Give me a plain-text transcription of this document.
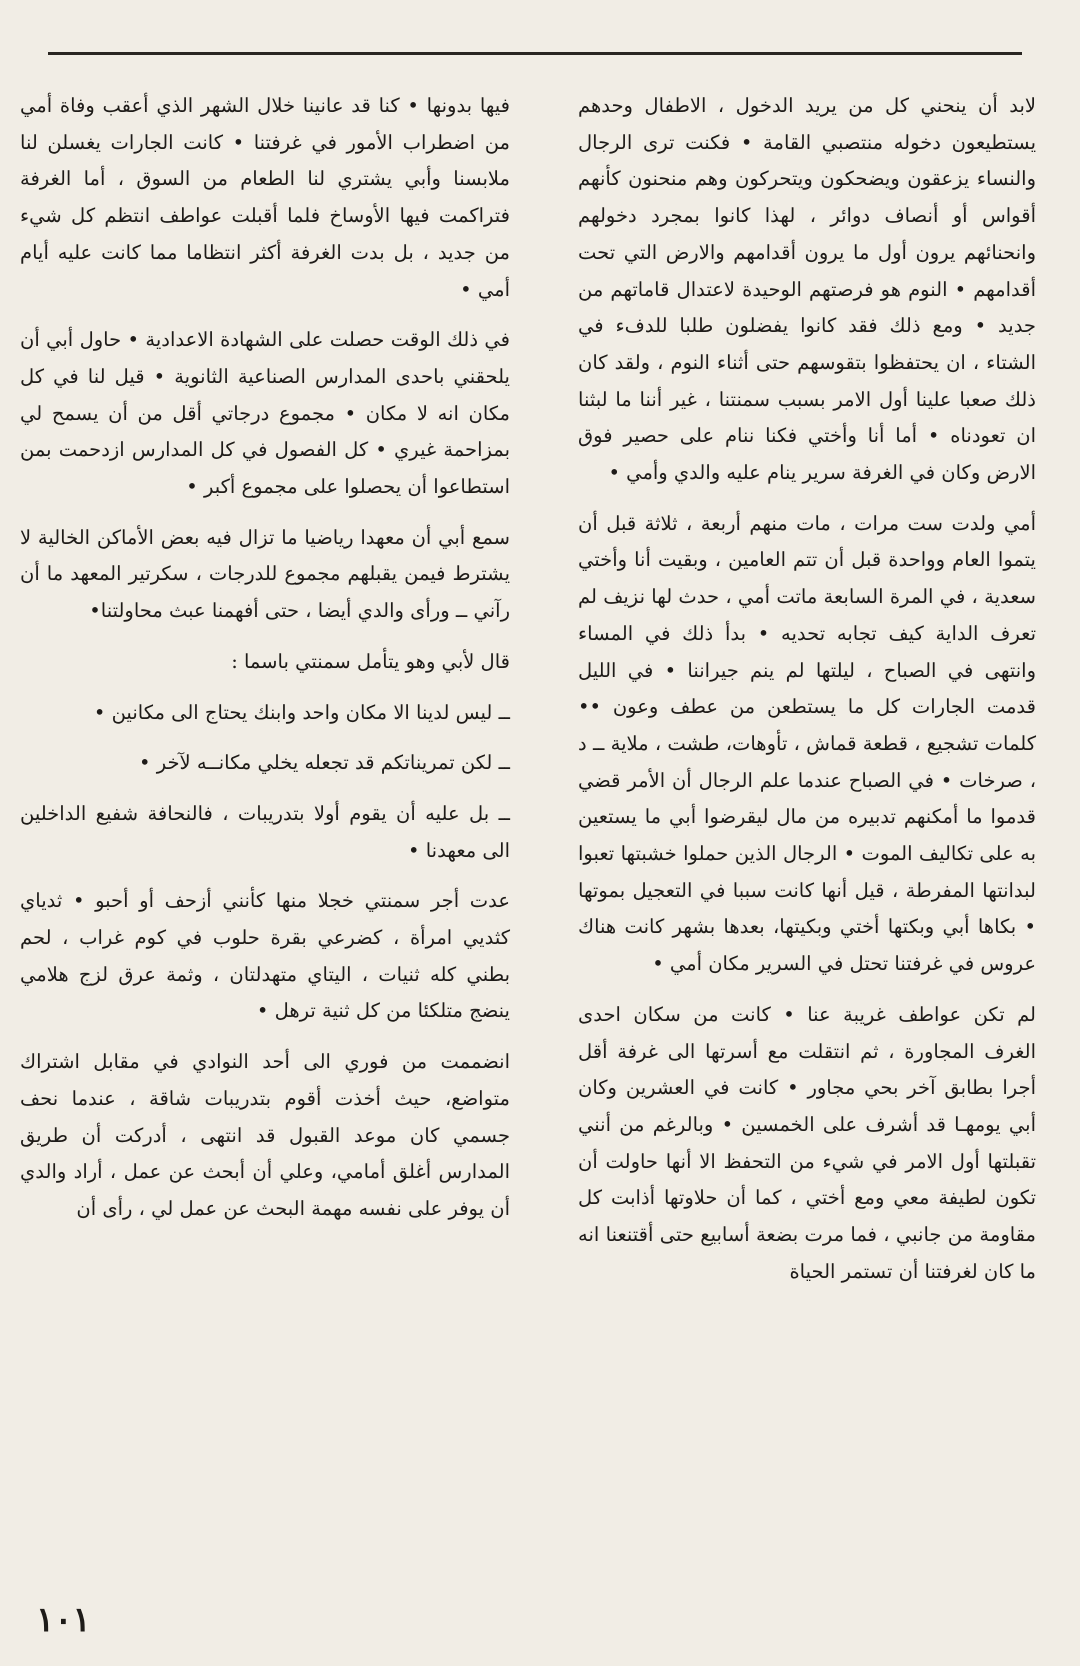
لابد أن ينحني كل من يريد الدخول ، الاطفال وحدهم يستطيعون دخوله منتصبي القامة • فكنت ترى الرجال والنساء يزعقون ويضحكون ويتحركون وهم منحنون كأنهم أقواس أو أنصاف دوائر ، لهذا كانوا بمجرد دخولهم وانحنائهم يرون أول ما يرون أقدامهم والارض التي تحت أقدامهم • النوم هو فرصتهم الوحيدة لاعتدال قاماتهم من جديد • ومع ذلك فقد كانوا يفضلون طلبا للدفء في الشتاء ، ان يحتفظوا بتقوسهم حتى أثناء النوم ، ولقد كان ذلك صعبا علينا أول الامر بسبب سمنتنا ، غير أننا ما لبثنا ان تعودناه • أما أنا وأختي فكنا ننام على حصير فوق الارض وكان في الغرفة سرير ينام عليه والدي وأمي •

أمي ولدت ست مرات ، مات منهم أربعة ، ثلاثة قبل أن يتموا العام وواحدة قبل أن تتم العامين ، وبقيت أنا وأختي سعدية ، في المرة السابعة ماتت أمي ، حدث لها نزيف لم تعرف الداية كيف تجابه تحديه • بدأ ذلك في المساء وانتهى في الصباح ، ليلتها لم ينم جيراننا • في الليل قدمت الجارات كل ما يستطعن من عطف وعون •• كلمات تشجيع ، قطعة قماش ، تأوهات، طشت ، ملاية ــ د ، صرخات • في الصباح عندما علم الرجال أن الأمر قضي قدموا ما أمكنهم تدبيره من مال ليقرضوا أبي ما يستعين به على تكاليف الموت • الرجال الذين حملوا خشبتها تعبوا لبدانتها المفرطة ، قيل أنها كانت سببا في التعجيل بموتها • بكاها أبي وبكتها أختي وبكيتها، بعدها بشهر كانت هناك عروس في غرفتنا تحتل في السرير مكان أمي •

لم تكن عواطف غريبة عنا • كانت من سكان احدى الغرف المجاورة ، ثم انتقلت مع أسرتها الى غرفة أقل أجرا بطابق آخر بحي مجاور • كانت في العشرين وكان أبي يومهـا قد أشرف على الخمسين • وبالرغم من أنني تقبلتها أول الامر في شيء من التحفظ الا أنها حاولت أن تكون لطيفة معي ومع أختي ، كما أن حلاوتها أذابت كل مقاومة من جانبي ، فما مرت بضعة أسابيع حتى أقتنعنا انه ما كان لغرفتنا أن تستمر الحياة

فيها بدونها • كنا قد عانينا خلال الشهر الذي أعقب وفاة أمي من اضطراب الأمور في غرفتنا • كانت الجارات يغسلن لنا ملابسنا وأبي يشتري لنا الطعام من السوق ، أما الغرفة فتراكمت فيها الأوساخ فلما أقبلت عواطف انتظم كل شيء من جديد ، بل بدت الغرفة أكثر انتظاما مما كانت عليه أيام أمي •

في ذلك الوقت حصلت على الشهادة الاعدادية • حاول أبي أن يلحقني باحدى المدارس الصناعية الثانوية • قيل لنا في كل مكان انه لا مكان • مجموع درجاتي أقل من أن يسمح لي بمزاحمة غيري • كل الفصول في كل المدارس ازدحمت بمن استطاعوا أن يحصلوا على مجموع أكبر •

سمع أبي أن معهدا رياضيا ما تزال فيه بعض الأماكن الخالية لا يشترط فيمن يقبلهم مجموع للدرجات ، سكرتير المعهد ما أن رآني ــ ورأى والدي أيضا ، حتى أفهمنا عبث محاولتنا•

قال لأبي وهو يتأمل سمنتي باسما :

ــ ليس لدينا الا مكان واحد وابنك يحتاج الى مكانين •

ــ لكن تمريناتكم قد تجعله يخلي مكانــه لآخر •

ــ بل عليه أن يقوم أولا بتدريبات ، فالنحافة شفيع الداخلين الى معهدنا •

عدت أجر سمنتي خجلا منها كأنني أزحف أو أحبو • ثدياي كثديي امرأة ، كضرعي بقرة حلوب في كوم غراب ، لحم بطني كله ثنيات ، اليتاي متهدلتان ، وثمة عرق لزج هلامي ينضج متلكئا من كل ثنية ترهل •

انضممت من فوري الى أحد النوادي في مقابل اشتراك متواضع، حيث أخذت أقوم بتدريبات شاقة ، عندما نحف جسمي كان موعد القبول قد انتهى ، أدركت أن طريق المدارس أغلق أمامي، وعلي أن أبحث عن عمل ، أراد والدي أن يوفر على نفسه مهمة البحث عن عمل لي ، رأى أن

١٠١
